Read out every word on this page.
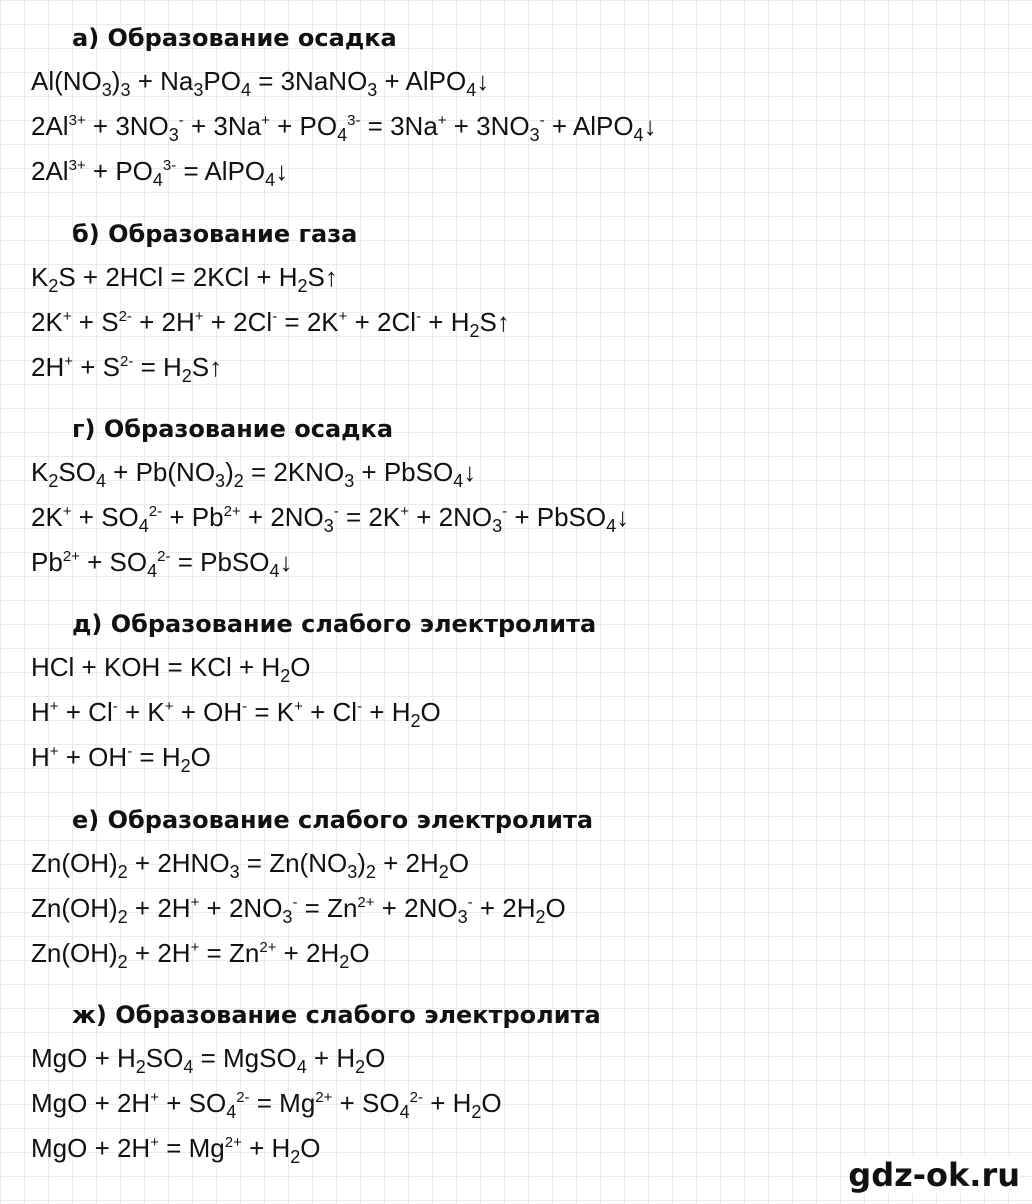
а) Образование осадка
$Al(NO_3)_3 + Na_3PO_4$ = 3NaNO$_3$ + AlPO$_4$↓
$2Al^{3+} + 3NO_3^- + 3Na^+ + PO_4^{3-} = 3Na^+ + 3NO_3^-$ + AlPO$_4$↓
$2Al^{3+} + PO_4^{3-}$ = AlPO$_4$↓
б) Образование газа
$K_2S + 2HCl = 2KCl$ + $H_2S↑$
$2K^+ + S^{2-} + 2H^+ + 2Cl^- = 2K^+ + 2Cl^-$ + $H_2S↑$
$2H^+ + S^{2-}$ = $H_2S↑$
г) Образование осадка
$K_2SO_4 + Pb(NO_3)_2 = 2KNO_3$ + PbSO$_4$↓
$2K^+ + SO_4^{2-} + Pb^{2+} + 2NO_3^- = 2K^+ + 2NO_3^-$ + PbSO$_4$↓
$Pb^{2+} + SO_4^{2-}$ = PbSO$_4$↓
д) Образование слабого электролита
HCl + KOH = KCl + $H_2O$
$H^+ + Cl^- + K^+ + OH^- = K^+ + Cl^- + H_2O$
$H^+ + OH^- = H_2O$
е) Образование слабого электролита
$Zn(OH)_2 + 2HNO_3 = Zn(NO_3)_2 + 2H_2O$
$Zn(OH)_2 + 2H^+ + 2NO_3^- = Zn^{2+} + 2NO_3^- + 2H_2O$
$Zn(OH)_2 + 2H^+ = Zn^{2+} + 2H_2O$
ж) Образование слабого электролита
MgO + $H_2SO_4$ = MgSO$_4$ + $H_2O$
MgO + $2H^+ + SO_4^{2-} = Mg^{2+} + SO_4^{2-} + H_2O$
MgO + $2H^+ = Mg^{2+} + H_2O$
gdz-ok.ru
